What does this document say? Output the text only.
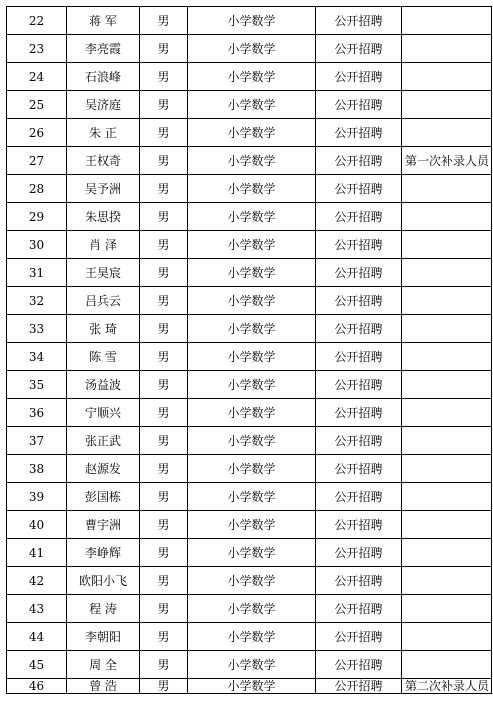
22	蒋 军	男	小学数学	公开招聘	
23	李亮霞	男	小学数学	公开招聘	
24	石浪峰	男	小学数学	公开招聘	
25	吴济庭	男	小学数学	公开招聘	
26	朱 正	男	小学数学	公开招聘	
27	王权奇	男	小学数学	公开招聘	第一次补录人员
28	吴予洲	男	小学数学	公开招聘	
29	朱思揆	男	小学数学	公开招聘	
30	肖 泽	男	小学数学	公开招聘	
31	王昊宸	男	小学数学	公开招聘	
32	吕兵云	男	小学数学	公开招聘	
33	张 琦	男	小学数学	公开招聘	
34	陈 雪	男	小学数学	公开招聘	
35	汤益波	男	小学数学	公开招聘	
36	宁顺兴	男	小学数学	公开招聘	
37	张正武	男	小学数学	公开招聘	
38	赵源发	男	小学数学	公开招聘	
39	彭国栋	男	小学数学	公开招聘	
40	曹宇洲	男	小学数学	公开招聘	
41	李峥辉	男	小学数学	公开招聘	
42	欧阳小飞	男	小学数学	公开招聘	
43	程 涛	男	小学数学	公开招聘	
44	李朝阳	男	小学数学	公开招聘	
45	周 全	男	小学数学	公开招聘	
46	曾 浩	男	小学数学	公开招聘	第二次补录人员
